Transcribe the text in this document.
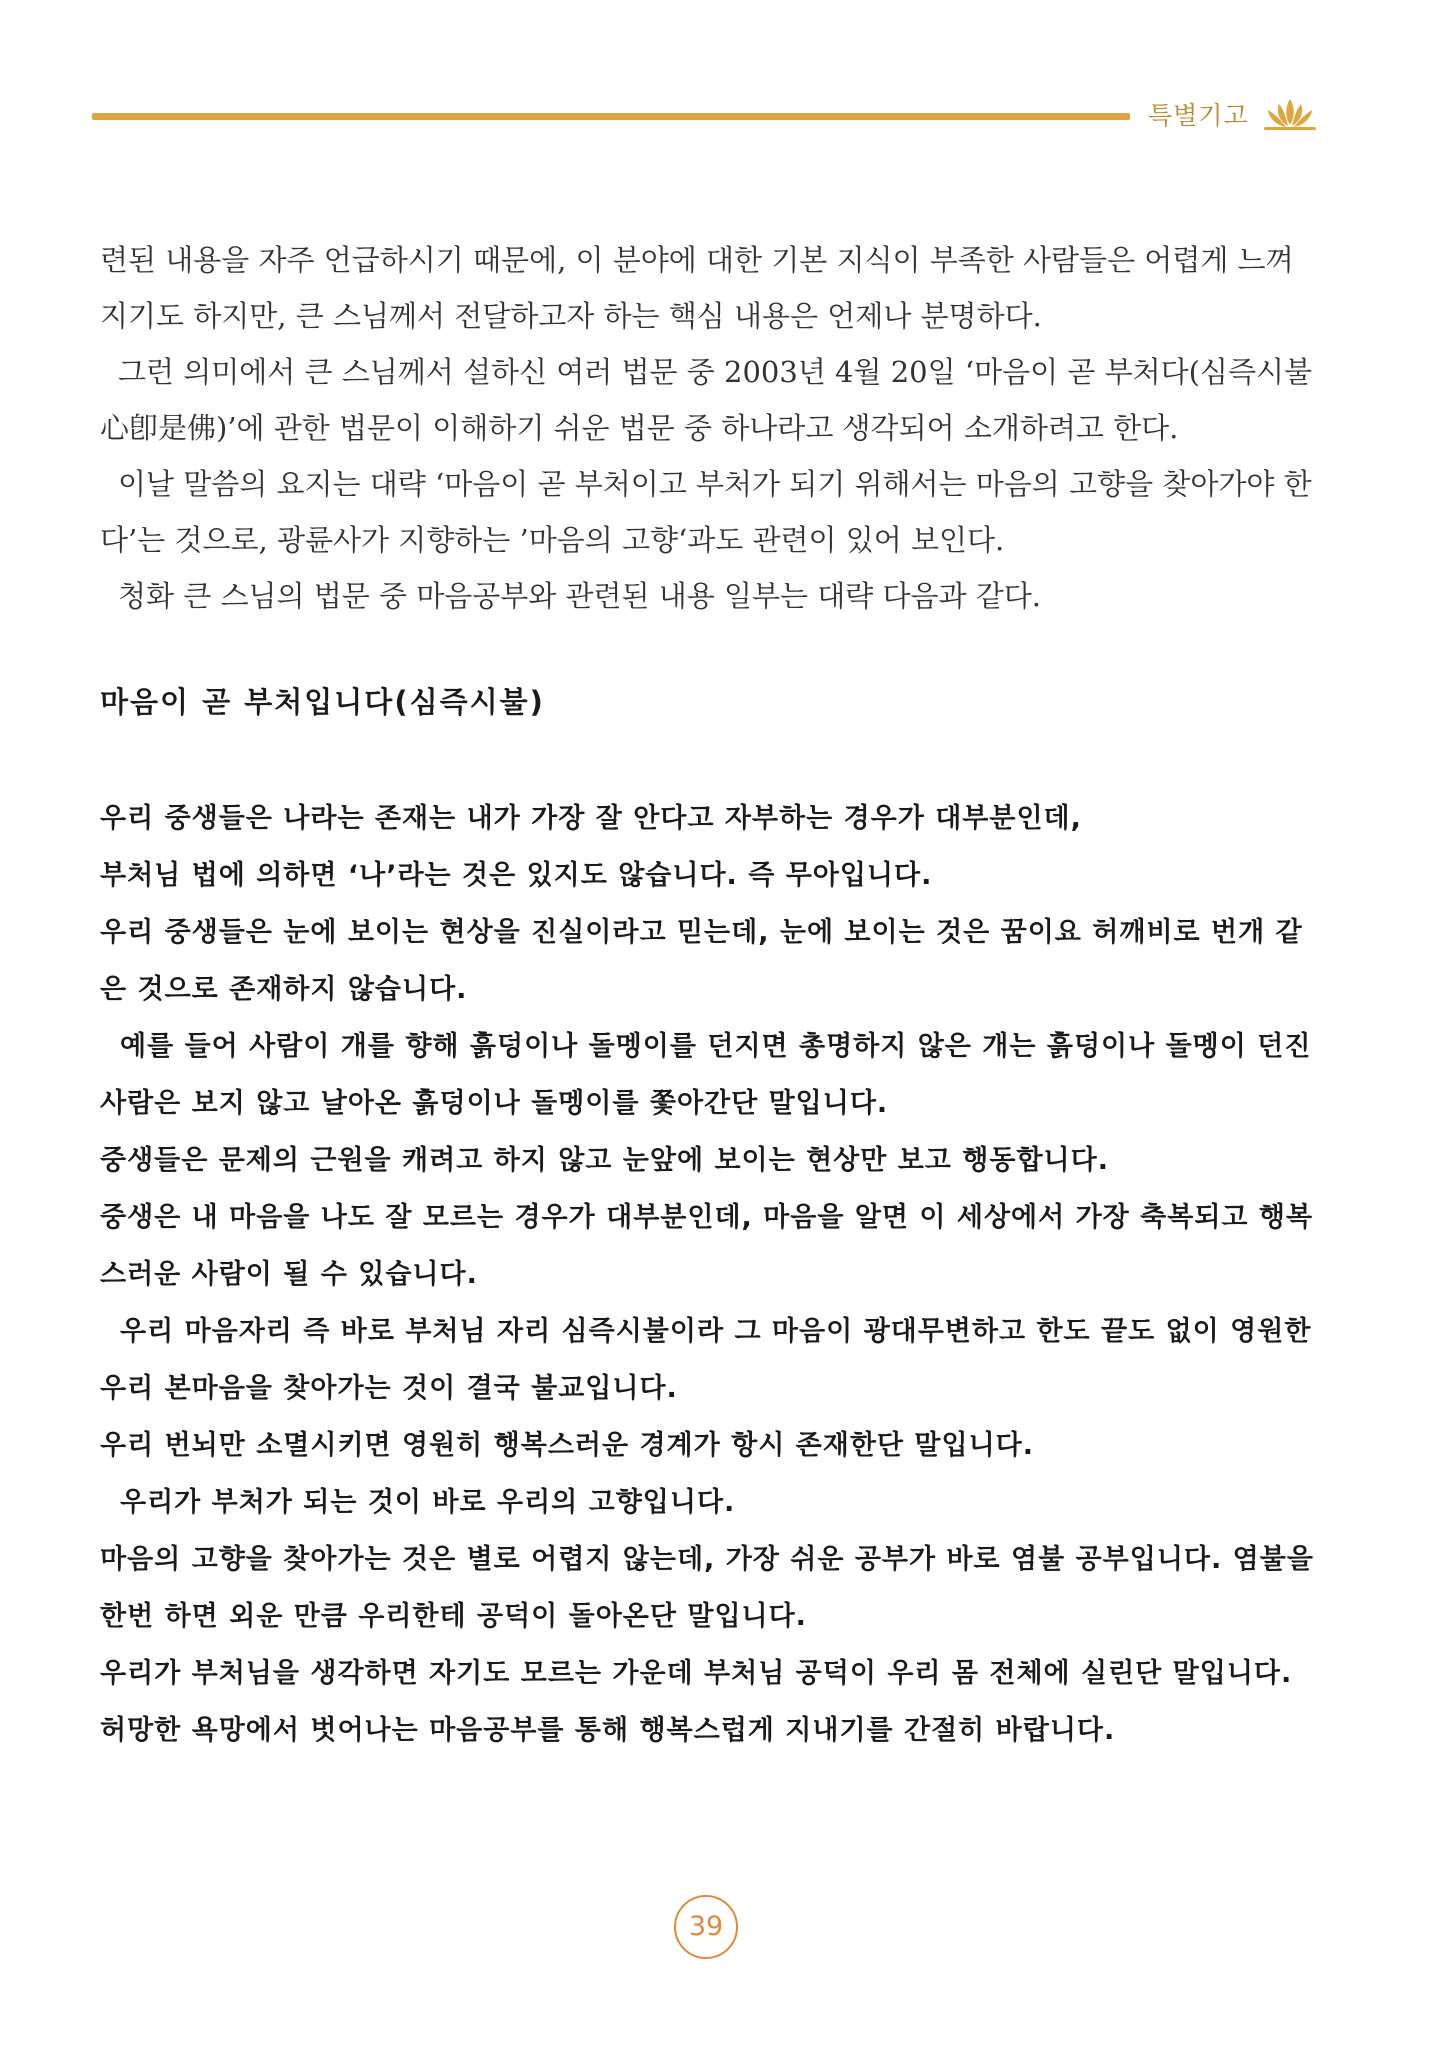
특별기고

련된 내용을 자주 언급하시기 때문에, 이 분야에 대한 기본 지식이 부족한 사람들은 어렵게 느껴지기도 하지만, 큰 스님께서 전달하고자 하는 핵심 내용은 언제나 분명하다.

그런 의미에서 큰 스님께서 설하신 여러 법문 중 2003년 4월 20일 ‘마음이 곧 부처다(심즉시불 心卽是佛)’에 관한 법문이 이해하기 쉬운 법문 중 하나라고 생각되어 소개하려고 한다.

이날 말씀의 요지는 대략 ‘마음이 곧 부처이고 부처가 되기 위해서는 마음의 고향을 찾아가야 한다’는 것으로, 광륜사가 지향하는 ’마음의 고향‘과도 관련이 있어 보인다.

청화 큰 스님의 법문 중 마음공부와 관련된 내용 일부는 대략 다음과 같다.

마음이 곧 부처입니다(심즉시불)

우리 중생들은 나라는 존재는 내가 가장 잘 안다고 자부하는 경우가 대부분인데,

부처님 법에 의하면 ‘나’라는 것은 있지도 않습니다. 즉 무아입니다.

우리 중생들은 눈에 보이는 현상을 진실이라고 믿는데, 눈에 보이는 것은 꿈이요 허깨비로 번개 같은 것으로 존재하지 않습니다.

예를 들어 사람이 개를 향해 흙덩이나 돌멩이를 던지면 총명하지 않은 개는 흙덩이나 돌멩이 던진 사람은 보지 않고 날아온 흙덩이나 돌멩이를 쫓아간단 말입니다.

중생들은 문제의 근원을 캐려고 하지 않고 눈앞에 보이는 현상만 보고 행동합니다.

중생은 내 마음을 나도 잘 모르는 경우가 대부분인데, 마음을 알면 이 세상에서 가장 축복되고 행복스러운 사람이 될 수 있습니다.

우리 마음자리 즉 바로 부처님 자리 심즉시불이라 그 마음이 광대무변하고 한도 끝도 없이 영원한 우리 본마음을 찾아가는 것이 결국 불교입니다.

우리 번뇌만 소멸시키면 영원히 행복스러운 경계가 항시 존재한단 말입니다.

우리가 부처가 되는 것이 바로 우리의 고향입니다.

마음의 고향을 찾아가는 것은 별로 어렵지 않는데, 가장 쉬운 공부가 바로 염불 공부입니다. 염불을 한번 하면 외운 만큼 우리한테 공덕이 돌아온단 말입니다.

우리가 부처님을 생각하면 자기도 모르는 가운데 부처님 공덕이 우리 몸 전체에 실린단 말입니다.

허망한 욕망에서 벗어나는 마음공부를 통해 행복스럽게 지내기를 간절히 바랍니다.

39
